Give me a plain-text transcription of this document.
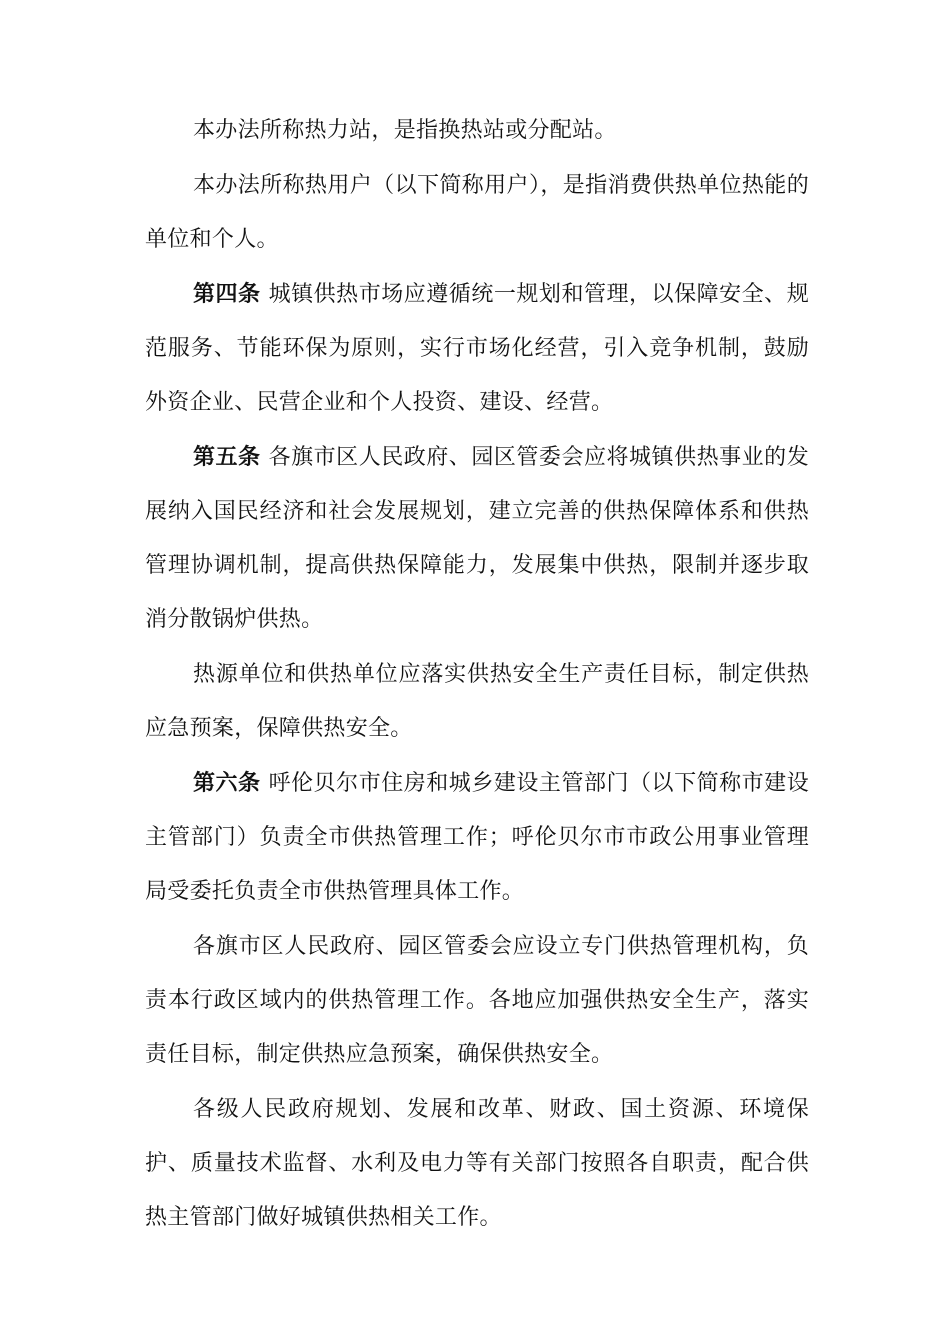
本办法所称热力站，是指换热站或分配站。

本办法所称热用户（以下简称用户），是指消费供热单位热能的单位和个人。

第四条 城镇供热市场应遵循统一规划和管理，以保障安全、规范服务、节能环保为原则，实行市场化经营，引入竞争机制，鼓励外资企业、民营企业和个人投资、建设、经营。

第五条 各旗市区人民政府、园区管委会应将城镇供热事业的发展纳入国民经济和社会发展规划，建立完善的供热保障体系和供热管理协调机制，提高供热保障能力，发展集中供热，限制并逐步取消分散锅炉供热。

热源单位和供热单位应落实供热安全生产责任目标，制定供热应急预案，保障供热安全。

第六条 呼伦贝尔市住房和城乡建设主管部门（以下简称市建设主管部门）负责全市供热管理工作；呼伦贝尔市市政公用事业管理局受委托负责全市供热管理具体工作。

各旗市区人民政府、园区管委会应设立专门供热管理机构，负责本行政区域内的供热管理工作。各地应加强供热安全生产，落实责任目标，制定供热应急预案，确保供热安全。

各级人民政府规划、发展和改革、财政、国土资源、环境保护、质量技术监督、水利及电力等有关部门按照各自职责，配合供热主管部门做好城镇供热相关工作。
